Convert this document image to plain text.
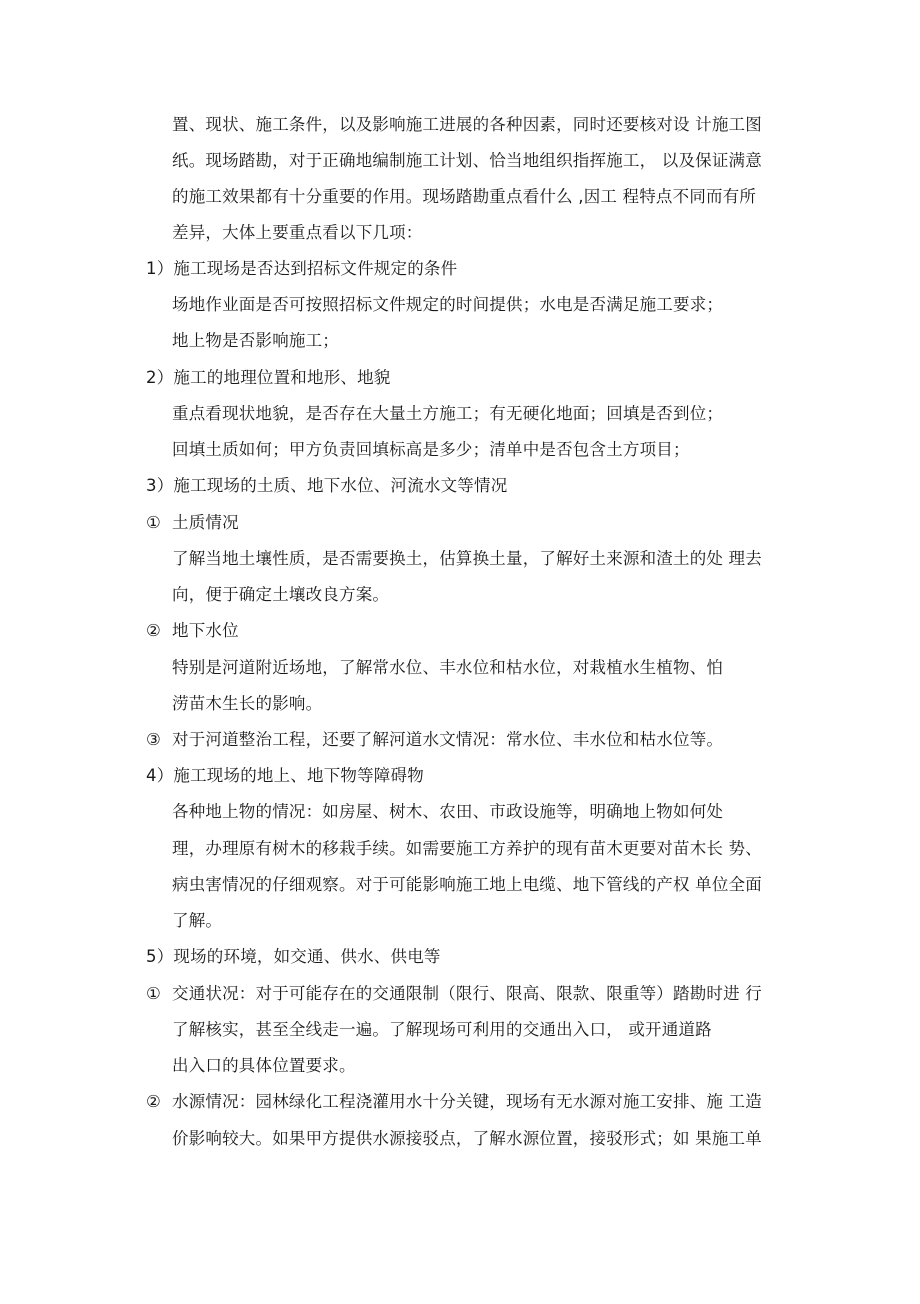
置、现状、施工条件，以及影响施工进展的各种因素，同时还要核对设 计施工图
纸。现场踏勘，对于正确地编制施工计划、恰当地组织指挥施工， 以及保证满意
的施工效果都有十分重要的作用。现场踏勘重点看什么 ,因工 程特点不同而有所
差异，大体上要重点看以下几项：
1）施工现场是否达到招标文件规定的条件
场地作业面是否可按照招标文件规定的时间提供；水电是否满足施工要求；
地上物是否影响施工；
2）施工的地理位置和地形、地貌
重点看现状地貌，是否存在大量土方施工；有无硬化地面；回填是否到位；
回填土质如何；甲方负责回填标高是多少；清单中是否包含土方项目；
3）施工现场的土质、地下水位、河流水文等情况
① 土质情况
了解当地土壤性质，是否需要换土，估算换土量，了解好土来源和渣土的处 理去
向，便于确定土壤改良方案。
② 地下水位
特别是河道附近场地，了解常水位、丰水位和枯水位，对栽植水生植物、怕
涝苗木生长的影响。
③ 对于河道整治工程，还要了解河道水文情况：常水位、丰水位和枯水位等。
4）施工现场的地上、地下物等障碍物
各种地上物的情况：如房屋、树木、农田、市政设施等，明确地上物如何处
理，办理原有树木的移栽手续。如需要施工方养护的现有苗木更要对苗木长 势、
病虫害情况的仔细观察。对于可能影响施工地上电缆、地下管线的产权 单位全面
了解。
5）现场的环境，如交通、供水、供电等
① 交通状况：对于可能存在的交通限制（限行、限高、限款、限重等）踏勘时进 行
了解核实，甚至全线走一遍。了解现场可利用的交通出入口， 或开通道路
出入口的具体位置要求。
② 水源情况：园林绿化工程浇灌用水十分关键，现场有无水源对施工安排、施 工造
价影响较大。如果甲方提供水源接驳点，了解水源位置，接驳形式；如 果施工单
